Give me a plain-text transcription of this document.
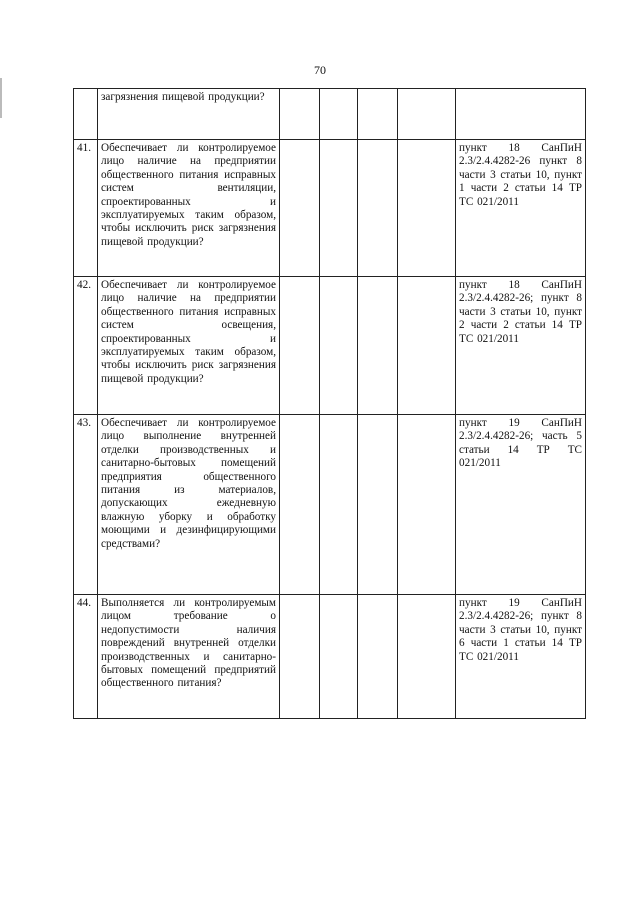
70

	загрязнения пищевой продукции?					

41.	Обеспечивает ли контролируемое лицо наличие на предприятии общественного питания исправных систем вентиляции, спроектированных и эксплуатируемых таким образом, чтобы исключить риск загрязнения пищевой продукции?					пункт 18 СанПиН 2.3/2.4.4282-26 пункт 8 части 3 статьи 10, пункт 1 части 2 статьи 14 ТР ТС 021/2011

42.	Обеспечивает ли контролируемое лицо наличие на предприятии общественного питания исправных систем освещения, спроектированных и эксплуатируемых таким образом, чтобы исключить риск загрязнения пищевой продукции?					пункт 18 СанПиН 2.3/2.4.4282-26; пункт 8 части 3 статьи 10, пункт 2 части 2 статьи 14 ТР ТС 021/2011

43.	Обеспечивает ли контролируемое лицо выполнение внутренней отделки производственных и санитарно-бытовых помещений предприятия общественного питания из материалов, допускающих ежедневную влажную уборку и обработку моющими и дезинфицирующими средствами?					пункт 19 СанПиН 2.3/2.4.4282-26; часть 5 статьи 14 ТР ТС 021/2011

44.	Выполняется ли контролируемым лицом требование о недопустимости наличия повреждений внутренней отделки производственных и санитарно-бытовых помещений предприятий общественного питания?					пункт 19 СанПиН 2.3/2.4.4282-26; пункт 8 части 3 статьи 10, пункт 6 части 1 статьи 14 ТР ТС 021/2011
